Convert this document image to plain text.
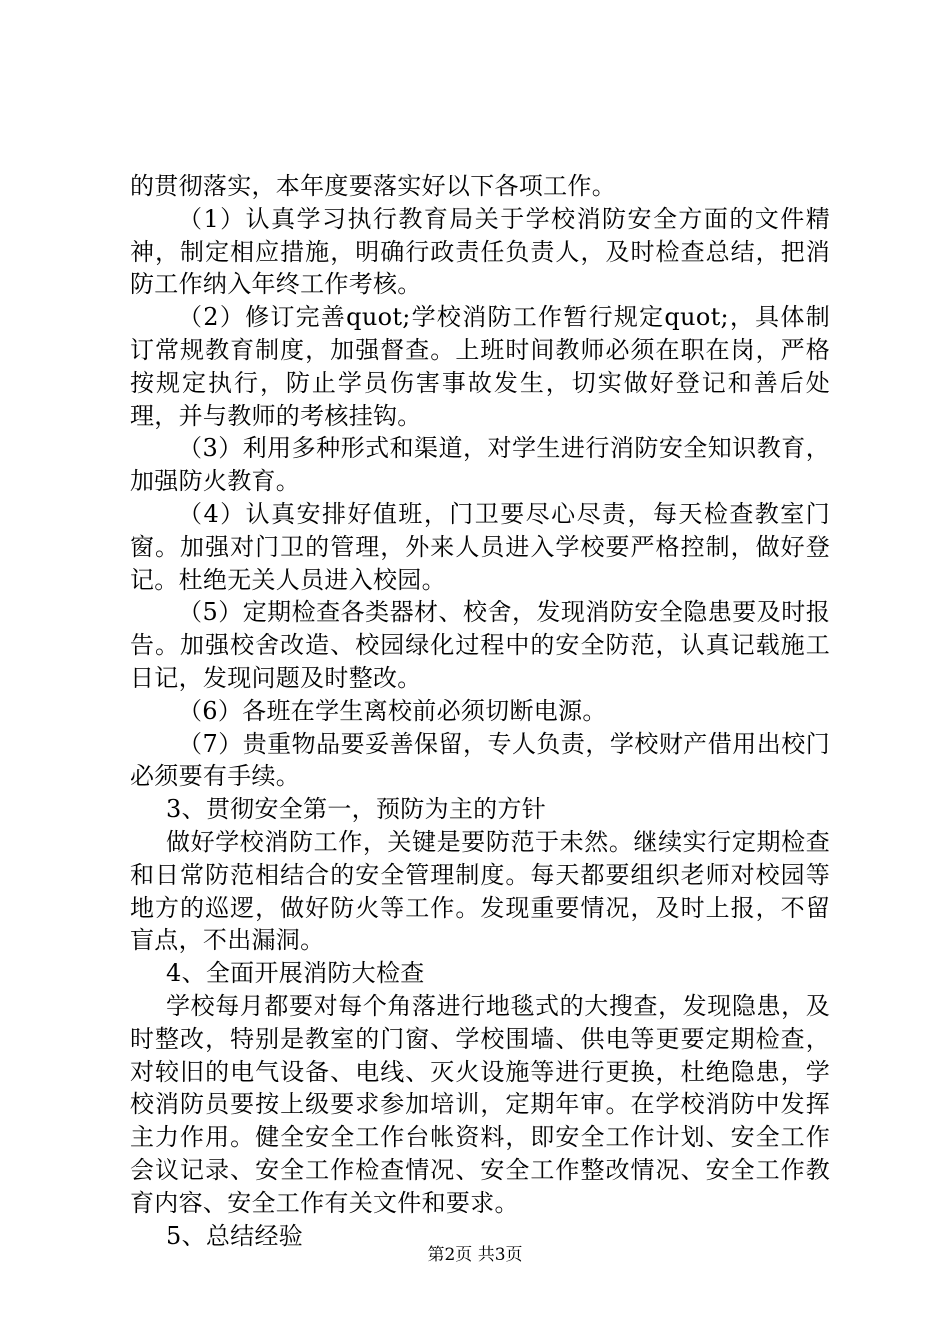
的贯彻落实，本年度要落实好以下各项工作。

（1）认真学习执行教育局关于学校消防安全方面的文件精神，制定相应措施，明确行政责任负责人，及时检查总结，把消防工作纳入年终工作考核。

（2）修订完善quot;学校消防工作暂行规定quot;，具体制订常规教育制度，加强督查。上班时间教师必须在职在岗，严格按规定执行，防止学员伤害事故发生，切实做好登记和善后处理，并与教师的考核挂钩。

（3）利用多种形式和渠道，对学生进行消防安全知识教育，加强防火教育。

（4）认真安排好值班，门卫要尽心尽责，每天检查教室门窗。加强对门卫的管理，外来人员进入学校要严格控制，做好登记。杜绝无关人员进入校园。

（5）定期检查各类器材、校舍，发现消防安全隐患要及时报告。加强校舍改造、校园绿化过程中的安全防范，认真记载施工日记，发现问题及时整改。

（6）各班在学生离校前必须切断电源。

（7）贵重物品要妥善保留，专人负责，学校财产借用出校门必须要有手续。

3、贯彻安全第一，预防为主的方针

做好学校消防工作，关键是要防范于未然。继续实行定期检查和日常防范相结合的安全管理制度。每天都要组织老师对校园等地方的巡逻，做好防火等工作。发现重要情况，及时上报，不留盲点，不出漏洞。

4、全面开展消防大检查

学校每月都要对每个角落进行地毯式的大搜查，发现隐患，及时整改，特别是教室的门窗、学校围墙、供电等更要定期检查，对较旧的电气设备、电线、灭火设施等进行更换，杜绝隐患，学校消防员要按上级要求参加培训，定期年审。在学校消防中发挥主力作用。健全安全工作台帐资料，即安全工作计划、安全工作会议记录、安全工作检查情况、安全工作整改情况、安全工作教育内容、安全工作有关文件和要求。

5、总结经验

第2页 共3页
